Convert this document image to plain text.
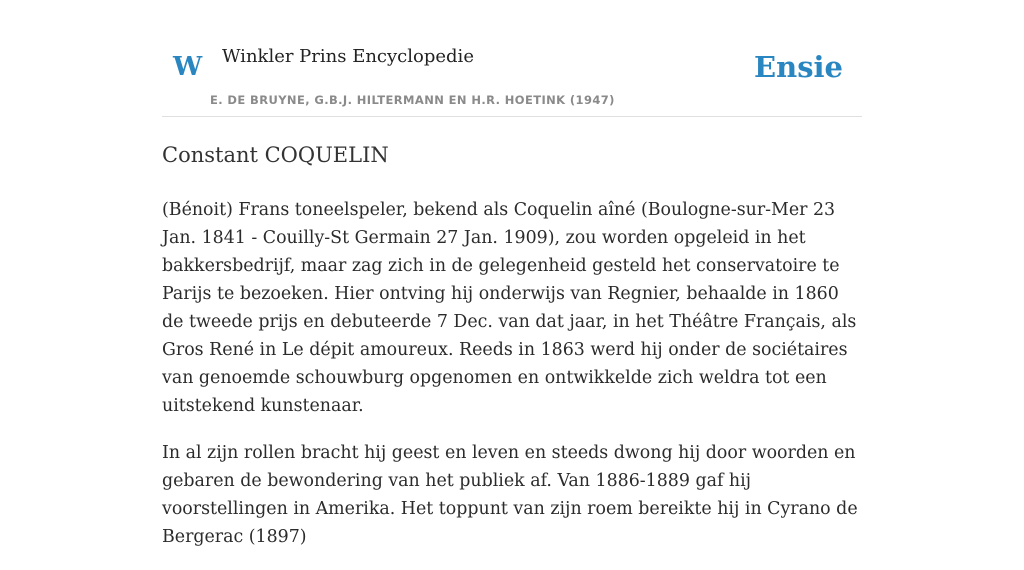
W Winkler Prins Encyclopedie
E. DE BRUYNE, G.B.J. HILTERMANN EN H.R. HOETINK (1947)
Ensie
Constant COQUELIN

(Bénoit) Frans toneelspeler, bekend als Coquelin aîné (Boulogne-sur-Mer 23 Jan. 1841 - Couilly-St Germain 27 Jan. 1909), zou worden opgeleid in het bakkersbedrijf, maar zag zich in de gelegenheid gesteld het conservatoire te Parijs te bezoeken. Hier ontving hij onderwijs van Regnier, behaalde in 1860 de tweede prijs en debuteerde 7 Dec. van dat jaar, in het Théâtre Français, als Gros René in Le dépit amoureux. Reeds in 1863 werd hij onder de sociétaires van genoemde schouwburg opgenomen en ontwikkelde zich weldra tot een uitstekend kunstenaar.

In al zijn rollen bracht hij geest en leven en steeds dwong hij door woorden en gebaren de bewondering van het publiek af. Van 1886-1889 gaf hij voorstellingen in Amerika. Het toppunt van zijn roem bereikte hij in Cyrano de Bergerac (1897)
